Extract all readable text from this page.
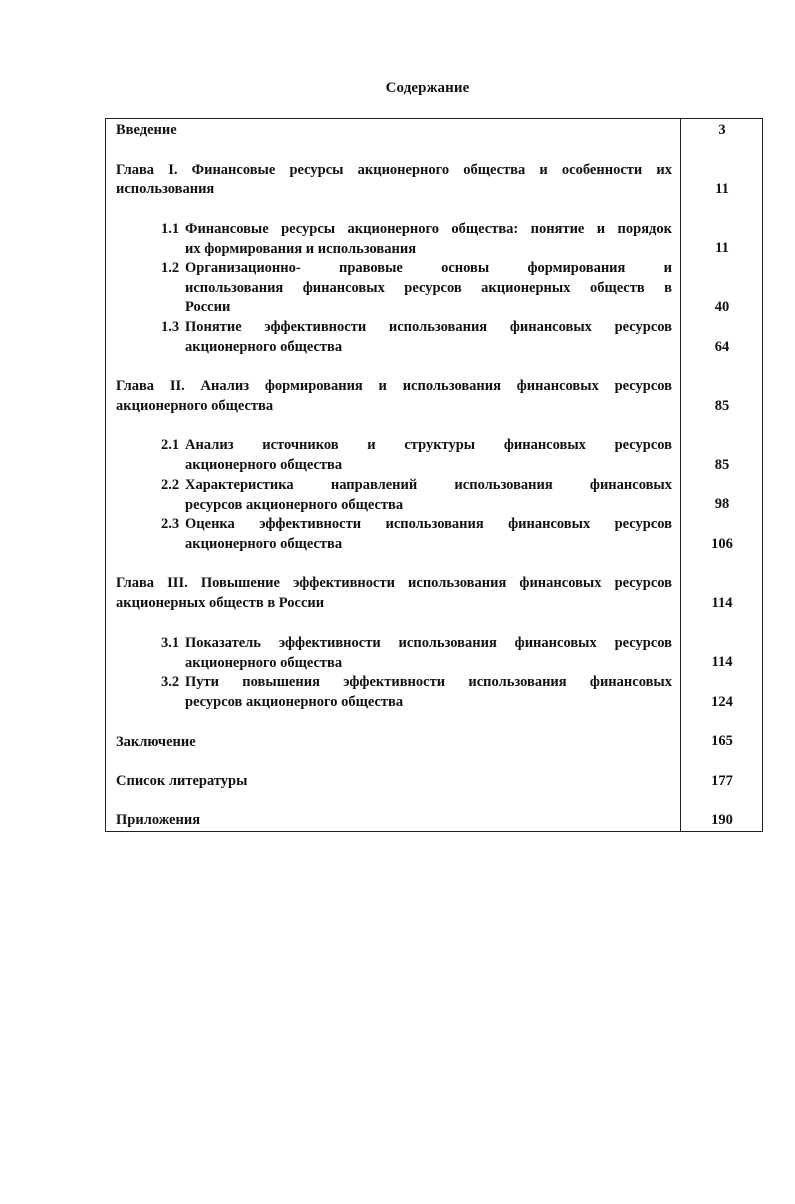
Содержание
Введение	3
Глава I. Финансовые ресурсы акционерного общества и особенности их
использования	11
1.1 Финансовые ресурсы акционерного общества: понятие и порядок
их формирования и использования	11
1.2 Организационно- правовые основы формирования и
использования финансовых ресурсов акционерных обществ в
России	40
1.3 Понятие эффективности использования финансовых ресурсов
акционерного общества	64
Глава II. Анализ формирования и использования финансовых ресурсов
акционерного общества	85
2.1 Анализ источников и структуры финансовых ресурсов
акционерного общества	85
2.2 Характеристика направлений использования финансовых
ресурсов акционерного общества	98
2.3 Оценка эффективности использования финансовых ресурсов
акционерного общества	106
Глава III. Повышение эффективности использования финансовых ресурсов
акционерных обществ в России	114
3.1 Показатель эффективности использования финансовых ресурсов
акционерного общества	114
3.2 Пути повышения эффективности использования финансовых
ресурсов акционерного общества	124
Заключение	165
Список литературы	177
Приложения	190
